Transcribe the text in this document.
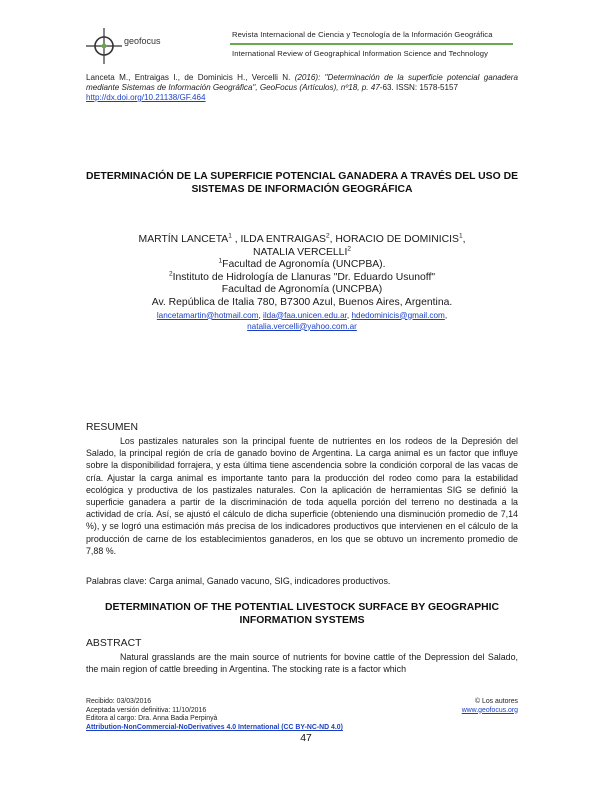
geofocus
Revista Internacional de Ciencia y Tecnología de la Información Geográfica
International Review of Geographical Information Science and Technology
Lanceta M., Entraigas I., de Dominicis H., Vercelli N. (2016): "Determinación de la superficie potencial ganadera mediante Sistemas de Información Geográfica", GeoFocus (Artículos), nº18, p. 47-63. ISSN: 1578-5157
http://dx.doi.org/10.21138/GF.464
DETERMINACIÓN DE LA SUPERFICIE POTENCIAL GANADERA A TRAVÉS DEL USO DE SISTEMAS DE INFORMACIÓN GEOGRÁFICA
MARTÍN LANCETA$^1$ , ILDA ENTRAIGAS$^2$, HORACIO DE DOMINICIS$^1$,
NATALIA VERCELLI$^2$
$^1$Facultad de Agronomía (UNCPBA).
$^2$Instituto de Hidrología de Llanuras "Dr. Eduardo Usunoff"
Facultad de Agronomía (UNCPBA)
Av. República de Italia 780, B7300 Azul, Buenos Aires, Argentina.
lancetamartin@hotmail.com, ilda@faa.unicen.edu.ar, hdedominicis@gmail.com,
natalia.vercelli@yahoo.com.ar
RESUMEN
Los pastizales naturales son la principal fuente de nutrientes en los rodeos de la Depresión del Salado, la principal región de cría de ganado bovino de Argentina. La carga animal es un factor que influye sobre la disponibilidad forrajera, y esta última tiene ascendencia sobre la condición corporal de las vacas de cría. Ajustar la carga animal es importante tanto para la producción del rodeo como para la estabilidad ecológica y productiva de los pastizales naturales. Con la aplicación de herramientas SIG se definió la superficie ganadera a partir de la discriminación de toda aquella porción del terreno no destinada a la actividad de cría. Así, se ajustó el cálculo de dicha superficie (obteniendo una disminución promedio de 7,14 %), y se logró una estimación más precisa de los indicadores productivos que intervienen en el cálculo de la producción de carne de los establecimientos ganaderos, en los que se obtuvo un incremento promedio de 7,88 %.
Palabras clave: Carga animal, Ganado vacuno, SIG, indicadores productivos.
DETERMINATION OF THE POTENTIAL LIVESTOCK SURFACE BY GEOGRAPHIC INFORMATION SYSTEMS
ABSTRACT
Natural grasslands are the main source of nutrients for bovine cattle of the Depression del Salado, the main region of cattle breeding in Argentina. The stocking rate is a factor which
Recibido: 03/03/2016
Aceptada versión definitiva: 11/10/2016
Editora al cargo: Dra. Anna Badia Perpinyà
© Los autores
www.geofocus.org
Attribution-NonCommercial-NoDerivatives 4.0 International (CC BY-NC-ND 4.0)
47
